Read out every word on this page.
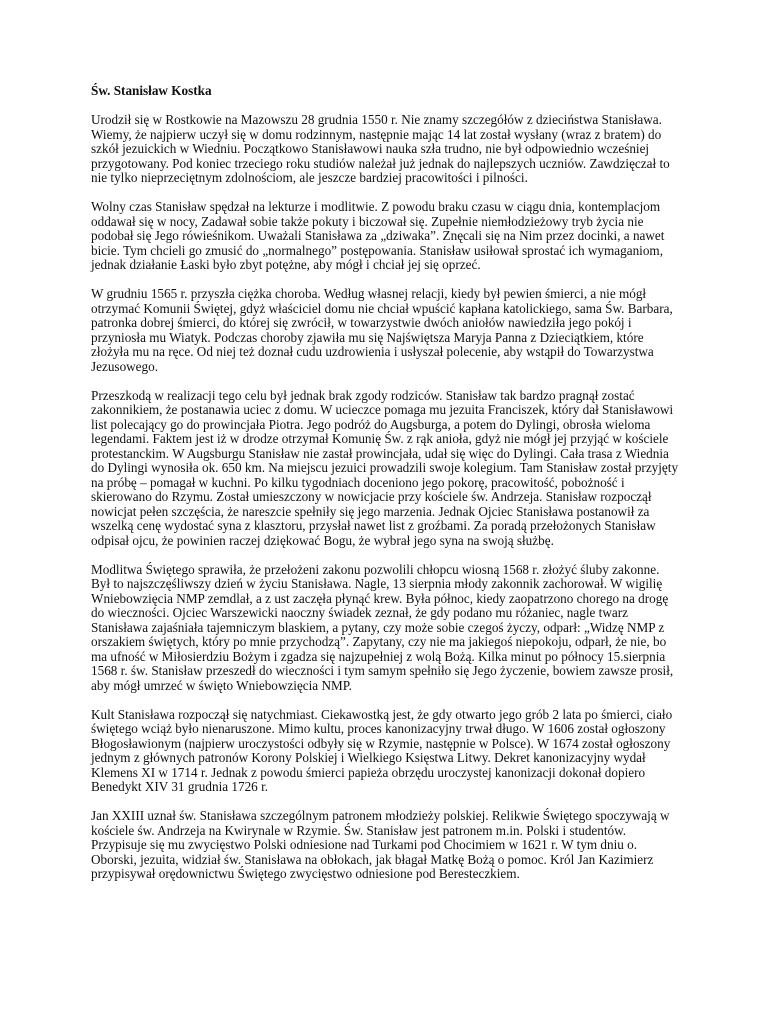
Św. Stanisław Kostka

Urodził się w Rostkowie na Mazowszu 28 grudnia 1550 r. Nie znamy szczegółów z dzieciństwa Stanisława. Wiemy, że najpierw uczył się w domu rodzinnym, następnie mając 14 lat został wysłany (wraz z bratem) do szkół jezuickich w Wiedniu. Początkowo Stanisławowi nauka szła trudno, nie był odpowiednio wcześniej przygotowany. Pod koniec trzeciego roku studiów należał już jednak do najlepszych uczniów. Zawdzięczał to nie tylko nieprzeciętnym zdolnościom, ale jeszcze bardziej pracowitości i pilności.

Wolny czas Stanisław spędzał na lekturze i modlitwie. Z powodu braku czasu w ciągu dnia, kontemplacjom oddawał się w nocy, Zadawał sobie także pokuty i biczował się. Zupełnie niemłodzieżowy tryb życia nie podobał się Jego rówieśnikom. Uważali Stanisława za „dziwaka”. Znęcali się na Nim przez docinki, a nawet bicie. Tym chcieli go zmusić do „normalnego” postępowania. Stanisław usiłował sprostać ich wymaganiom, jednak działanie Łaski było zbyt potężne, aby mógł i chciał jej się oprzeć.

W grudniu 1565 r. przyszła ciężka choroba. Według własnej relacji, kiedy był pewien śmierci, a nie mógł otrzymać Komunii Świętej, gdyż właściciel domu nie chciał wpuścić kapłana katolickiego, sama Św. Barbara, patronka dobrej śmierci, do której się zwrócił, w towarzystwie dwóch aniołów nawiedziła jego pokój i przyniosła mu Wiatyk. Podczas choroby zjawiła mu się Najświętsza Maryja Panna z Dzieciątkiem, które złożyła mu na ręce. Od niej też doznał cudu uzdrowienia i usłyszał polecenie, aby wstąpił do Towarzystwa Jezusowego.

Przeszkodą w realizacji tego celu był jednak brak zgody rodziców. Stanisław tak bardzo pragnął zostać zakonnikiem, że postanawia uciec z domu. W ucieczce pomaga mu jezuita Franciszek, który dał Stanisławowi list polecający go do prowincjała Piotra. Jego podróż do Augsburga, a potem do Dylingi, obrosła wieloma legendami. Faktem jest iż w drodze otrzymał Komunię Św. z rąk anioła, gdyż nie mógł jej przyjąć w kościele protestanckim. W Augsburgu Stanisław nie zastał prowincjała, udał się więc do Dylingi. Cała trasa z Wiednia do Dylingi wynosiła ok. 650 km. Na miejscu jezuici prowadzili swoje kolegium. Tam Stanisław został przyjęty na próbę – pomagał w kuchni. Po kilku tygodniach doceniono jego pokorę, pracowitość, pobożność i skierowano do Rzymu. Został umieszczony w nowicjacie przy kościele św. Andrzeja. Stanisław rozpoczął nowicjat pełen szczęścia, że nareszcie spełniły się jego marzenia. Jednak Ojciec Stanisława postanowił za wszelką cenę wydostać syna z klasztoru, przysłał nawet list z groźbami. Za poradą przełożonych Stanisław odpisał ojcu, że powinien raczej dziękować Bogu, że wybrał jego syna na swoją służbę.

Modlitwa Świętego sprawiła, że przełożeni zakonu pozwolili chłopcu wiosną 1568 r. złożyć śluby zakonne. Był to najszczęśliwszy dzień w życiu Stanisława. Nagle, 13 sierpnia młody zakonnik zachorował. W wigilię Wniebowzięcia NMP zemdlał, a z ust zaczęła płynąć krew. Była północ, kiedy zaopatrzono chorego na drogę do wieczności. Ojciec Warszewicki naoczny świadek zeznał, że gdy podano mu różaniec, nagle twarz Stanisława zajaśniała tajemniczym blaskiem, a pytany, czy może sobie czegoś życzy, odparł: „Widzę NMP z orszakiem świętych, który po mnie przychodzą”. Zapytany, czy nie ma jakiegoś niepokoju, odparł, że nie, bo ma ufność w Miłosierdziu Bożym i zgadza się najzupełniej z wolą Bożą. Kilka minut po północy 15.sierpnia 1568 r. św. Stanisław przeszedł do wieczności i tym samym spełniło się Jego życzenie, bowiem zawsze prosił, aby mógł umrzeć w święto Wniebowzięcia NMP.

Kult Stanisława rozpoczął się natychmiast. Ciekawostką jest, że gdy otwarto jego grób 2 lata po śmierci, ciało świętego wciąż było nienaruszone. Mimo kultu, proces kanonizacyjny trwał długo. W 1606 został ogłoszony Błogosławionym (najpierw uroczystości odbyły się w Rzymie, następnie w Polsce). W 1674 został ogłoszony jednym z głównych patronów Korony Polskiej i Wielkiego Księstwa Litwy. Dekret kanonizacyjny wydał Klemens XI w 1714 r. Jednak z powodu śmierci papieża obrzędu uroczystej kanonizacji dokonał dopiero Benedykt XIV 31 grudnia 1726 r.

Jan XXIII uznał św. Stanisława szczególnym patronem młodzieży polskiej. Relikwie Świętego spoczywają w kościele św. Andrzeja na Kwirynale w Rzymie. Św. Stanisław jest patronem m.in. Polski i studentów. Przypisuje się mu zwycięstwo Polski odniesione nad Turkami pod Chocimiem w 1621 r. W tym dniu o. Oborski, jezuita, widział św. Stanisława na obłokach, jak błagał Matkę Bożą o pomoc. Król Jan Kazimierz przypisywał orędownictwu Świętego zwycięstwo odniesione pod Beresteczkiem.
